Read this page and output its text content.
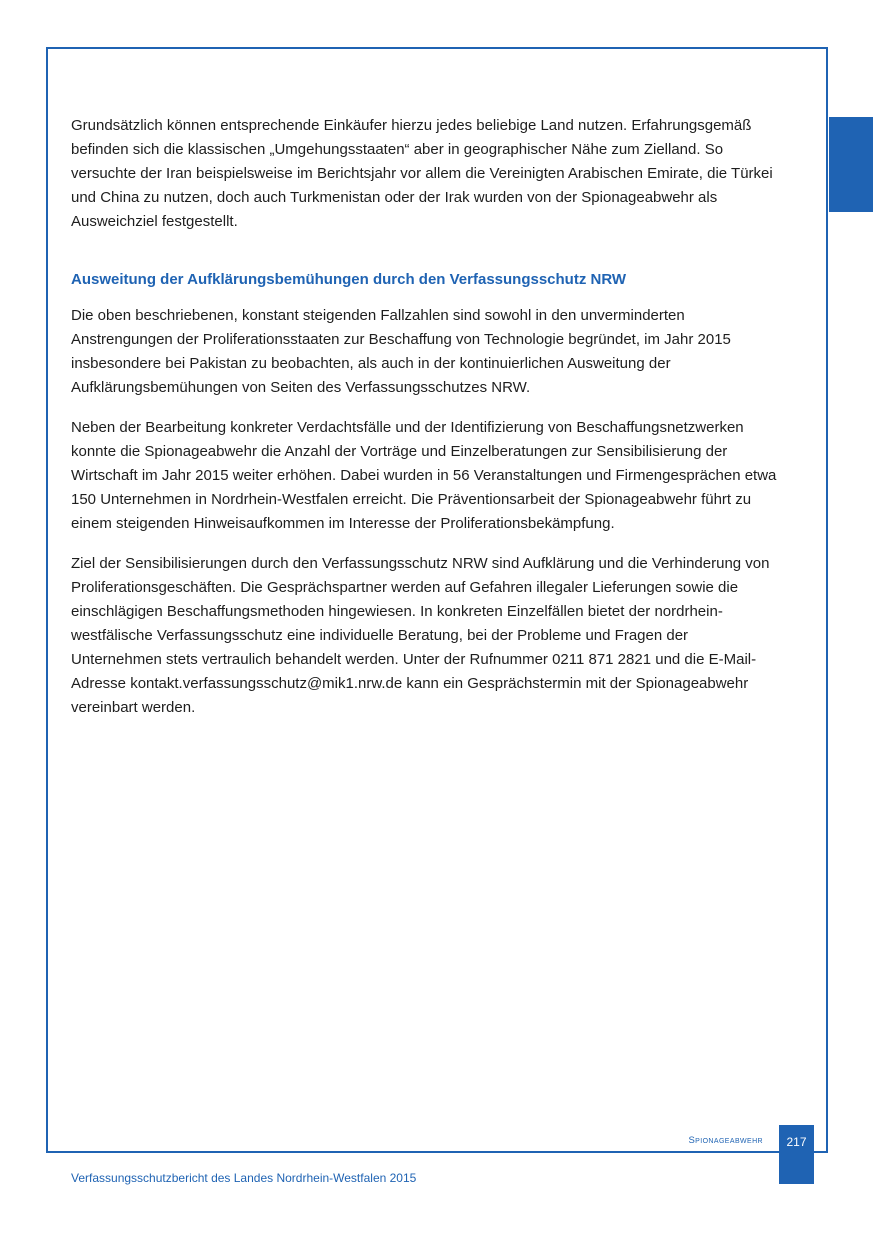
Grundsätzlich können entsprechende Einkäufer hierzu jedes beliebige Land nutzen. Erfahrungsgemäß befinden sich die klassischen „Umgehungsstaaten“ aber in geographischer Nähe zum Zielland. So versuchte der Iran beispielsweise im Berichtsjahr vor allem die Vereinigten Arabischen Emirate, die Türkei und China zu nutzen, doch auch Turkmenistan oder der Irak wurden von der Spionageabwehr als Ausweichziel festgestellt.

Ausweitung der Aufklärungsbemühungen durch den Verfassungsschutz NRW

Die oben beschriebenen, konstant steigenden Fallzahlen sind sowohl in den unverminderten Anstrengungen der Proliferationsstaaten zur Beschaffung von Technologie begründet, im Jahr 2015 insbesondere bei Pakistan zu beobachten, als auch in der kontinuierlichen Ausweitung der Aufklärungsbemühungen von Seiten des Verfassungsschutzes NRW.

Neben der Bearbeitung konkreter Verdachtsfälle und der Identifizierung von Beschaffungsnetzwerken konnte die Spionageabwehr die Anzahl der Vorträge und Einzelberatungen zur Sensibilisierung der Wirtschaft im Jahr 2015 weiter erhöhen. Dabei wurden in 56 Veranstaltungen und Firmengesprächen etwa 150 Unternehmen in Nordrhein-Westfalen erreicht. Die Präventionsarbeit der Spionageabwehr führt zu einem steigenden Hinweisaufkommen im Interesse der Proliferationsbekämpfung.

Ziel der Sensibilisierungen durch den Verfassungsschutz NRW sind Aufklärung und die Verhinderung von Proliferationsgeschäften. Die Gesprächspartner werden auf Gefahren illegaler Lieferungen sowie die einschlägigen Beschaffungsmethoden hingewiesen. In konkreten Einzelfällen bietet der nordrhein-westfälische Verfassungsschutz eine individuelle Beratung, bei der Probleme und Fragen der Unternehmen stets vertraulich behandelt werden. Unter der Rufnummer 0211 871 2821 und die E-Mail-Adresse kontakt.verfassungsschutz@mik1.nrw.de kann ein Gesprächstermin mit der Spionageabwehr vereinbart werden.

Spionageabwehr	217
Verfassungsschutzbericht des Landes Nordrhein-Westfalen 2015
